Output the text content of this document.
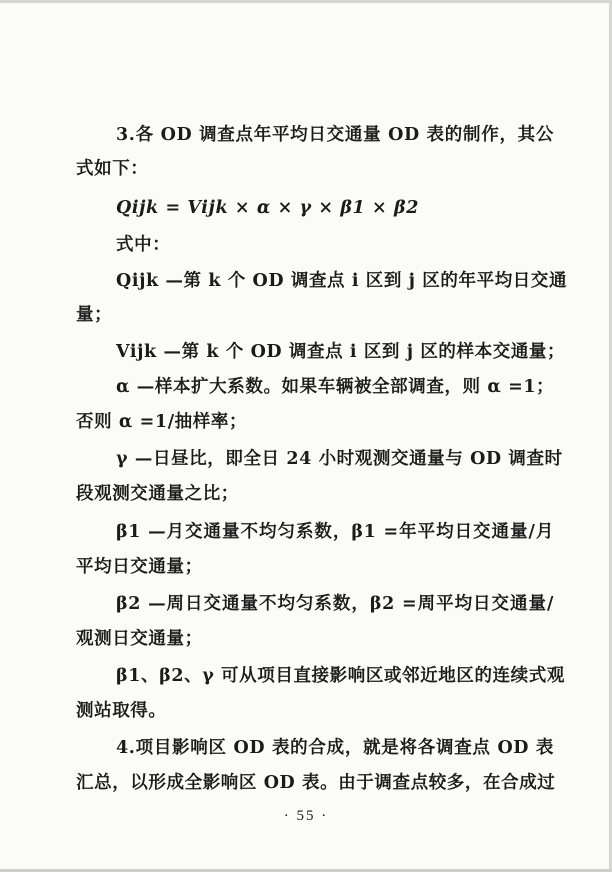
3.各 OD 调查点年平均日交通量 OD 表的制作，其公
式如下：
Qijk = Vijk × α × γ × β1 × β2
式中：
Qijk —第 k 个 OD 调查点 i 区到 j 区的年平均日交通
量；
Vijk —第 k 个 OD 调查点 i 区到 j 区的样本交通量；
α —样本扩大系数。如果车辆被全部调查，则 α =1；
否则 α =1/抽样率；
γ —日昼比，即全日 24 小时观测交通量与 OD 调查时
段观测交通量之比；
β1 —月交通量不均匀系数，β1 =年平均日交通量/月
平均日交通量；
β2 —周日交通量不均匀系数，β2 =周平均日交通量/
观测日交通量；
β1、β2、γ 可从项目直接影响区或邻近地区的连续式观
测站取得。
4.项目影响区 OD 表的合成，就是将各调查点 OD 表
汇总，以形成全影响区 OD 表。由于调查点较多，在合成过
· 55 ·
